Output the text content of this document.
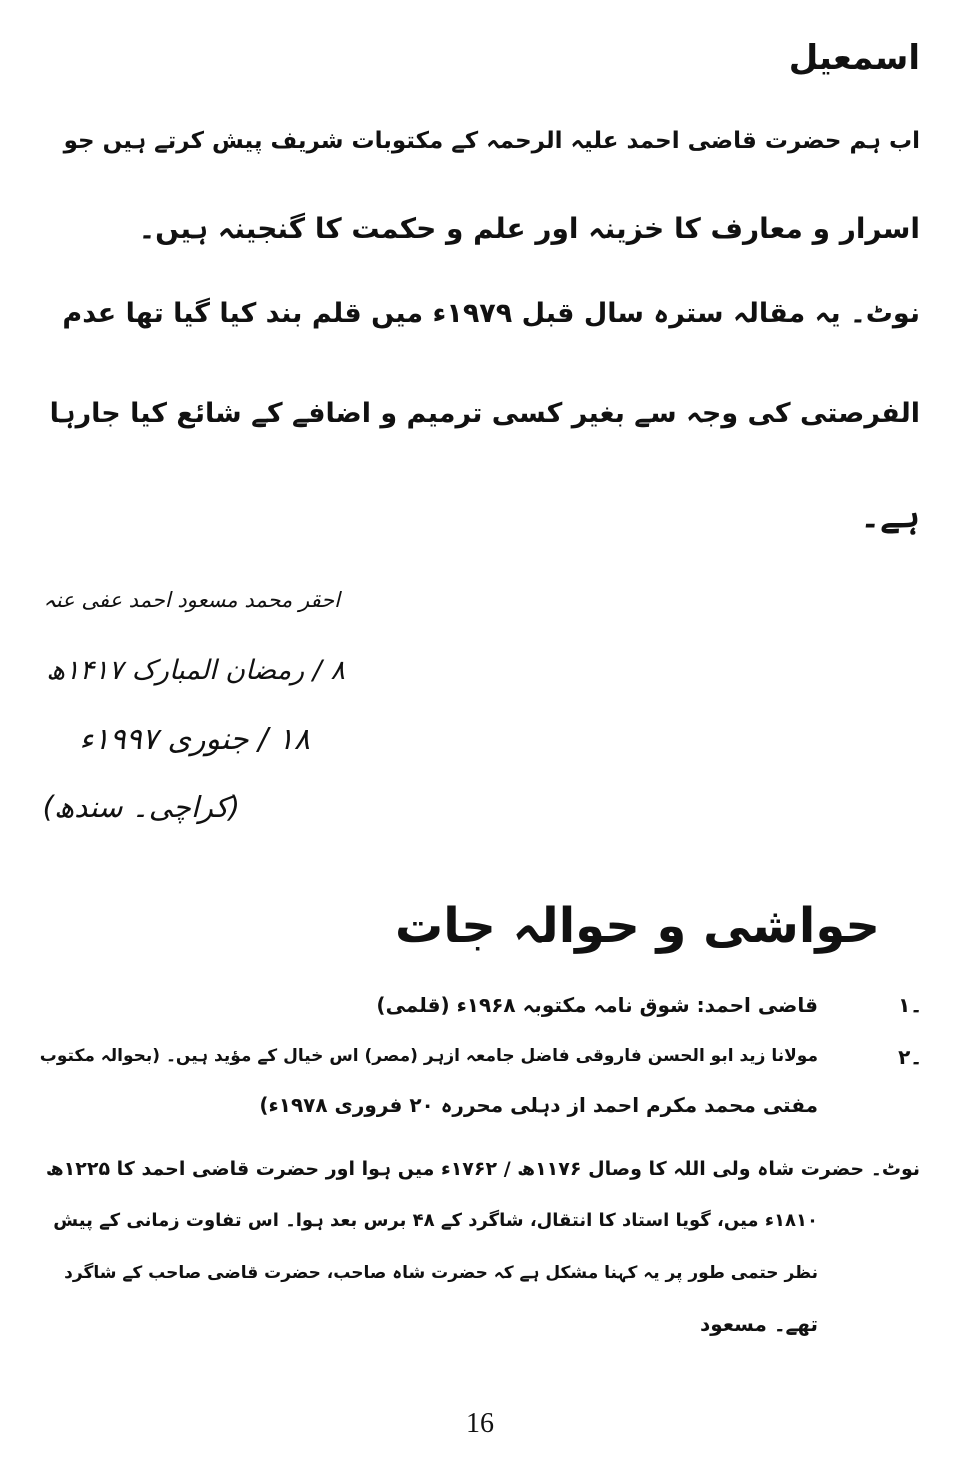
اسمعیل
اب ہم حضرت قاضی احمد علیہ الرحمہ کے مکتوبات شریف پیش کرتے ہیں جو
اسرار و معارف کا خزینہ اور علم و حکمت کا گنجینہ ہیں۔
نوٹ۔ یہ مقالہ سترہ سال قبل ۱۹۷۹ء میں قلم بند کیا گیا تھا عدم
الفرصتی کی وجہ سے بغیر کسی ترمیم و اضافے کے شائع کیا جارہا
ہے۔
احقر محمد مسعود احمد عفی عنہ
۸ / رمضان المبارک ۱۴۱۷ھ
۱۸ / جنوری ۱۹۹۷ء
(کراچی۔ سندھ)
حواشی و حوالہ جات
۔۱
قاضی احمد: شوق نامہ مکتوبہ ۱۹۶۸ء (قلمی)
۔۲
مولانا زید ابو الحسن فاروقی فاضل جامعہ ازہر (مصر) اس خیال کے مؤید ہیں۔ (بحوالہ مکتوب
مفتی محمد مکرم احمد از دہلی محررہ ۲۰ فروری ۱۹۷۸ء)
نوٹ۔ حضرت شاہ ولی اللہ کا وصال ۱۱۷۶ھ / ۱۷۶۲ء میں ہوا اور حضرت قاضی احمد کا ۱۲۲۵ھ
۱۸۱۰ء میں، گویا استاد کا انتقال، شاگرد کے ۴۸ برس بعد ہوا۔ اس تفاوت زمانی کے پیش
نظر حتمی طور پر یہ کہنا مشکل ہے کہ حضرت شاہ صاحب، حضرت قاضی صاحب کے شاگرد
تھے۔ مسعود
16
